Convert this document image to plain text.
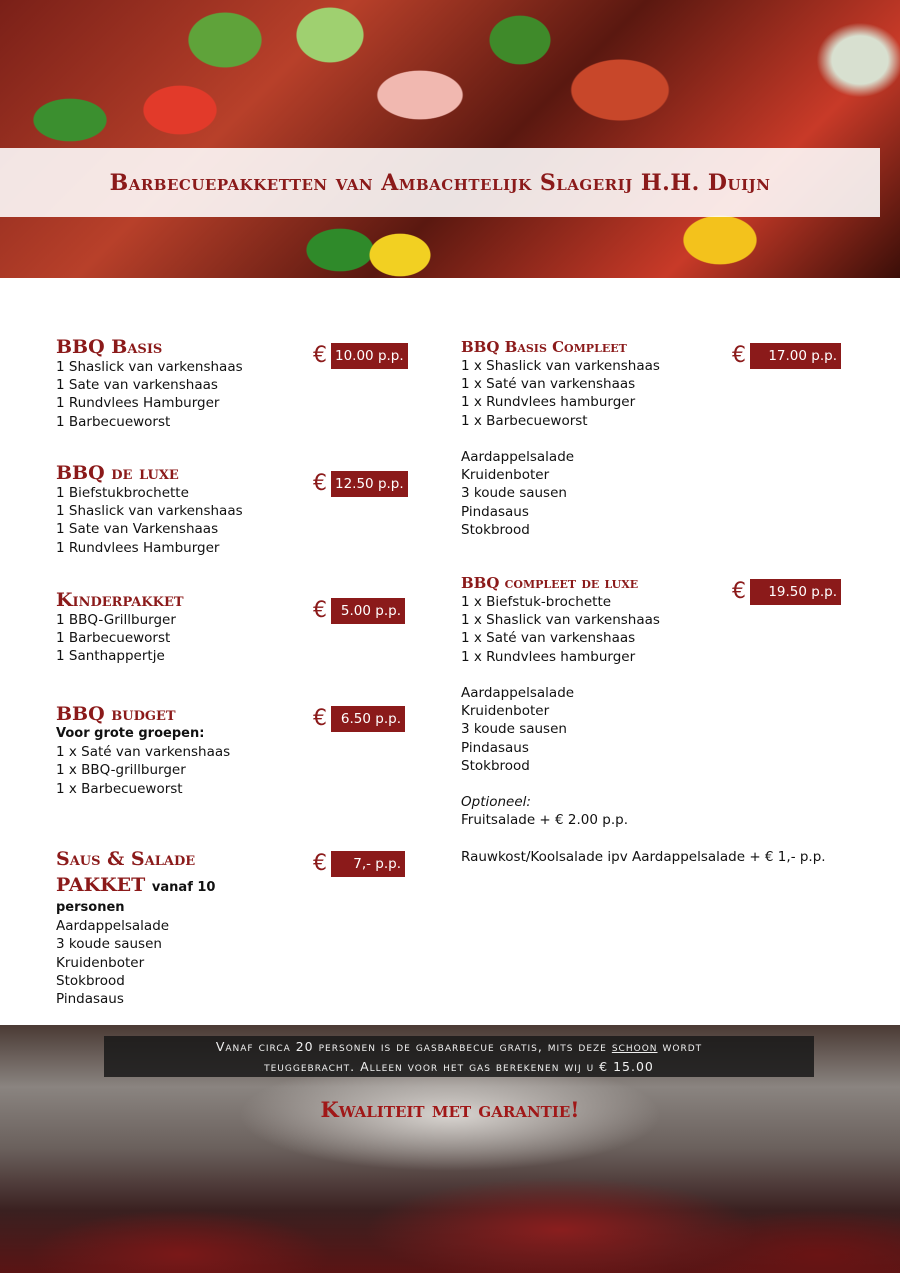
Barbecuepakketten van Ambachtelijk Slagerij H.H. Duijn
BBQ Basis
1 Shaslick van varkenshaas
1 Sate van varkenshaas
1 Rundvlees Hamburger
1 Barbecueworst
€ 10.00 p.p.
BBQ de luxe
1 Biefstukbrochette
1 Shaslick van varkenshaas
1 Sate van Varkenshaas
1 Rundvlees Hamburger
€ 12.50 p.p.
Kinderpakket
1 BBQ-Grillburger
1 Barbecueworst
1 Santhappertje
€	5.00 p.p.
BBQ budget
Voor grote groepen:
1 x Saté van varkenshaas
1 x BBQ-grillburger
1 x Barbecueworst
€	6.50 p.p.
Saus & Salade
PAKKET vanaf 10
personen
Aardappelsalade
3 koude sausen
Kruidenboter
Stokbrood
Pindasaus
€	7,- p.p.
BBQ Basis Compleet
1 x Shaslick van varkenshaas
1 x Saté van varkenshaas
1 x Rundvlees hamburger
1 x Barbecueworst
Aardappelsalade
Kruidenboter
3 koude sausen
Pindasaus
Stokbrood
€	17.00 p.p.
BBQ compleet de luxe
1 x Biefstuk-brochette
1 x Shaslick van varkenshaas
1 x Saté van varkenshaas
1 x Rundvlees hamburger
Aardappelsalade
Kruidenboter
3 koude sausen
Pindasaus
Stokbrood
Optioneel:
Fruitsalade + € 2.00 p.p.
Rauwkost/Koolsalade ipv Aardappelsalade + € 1,- p.p.
€	19.50 p.p.
Vanaf circa 20 personen is de gasbarbecue gratis, mits deze schoon wordt
teuggebracht. Alleen voor het gas berekenen wij u € 15.00
Kwaliteit met garantie!
